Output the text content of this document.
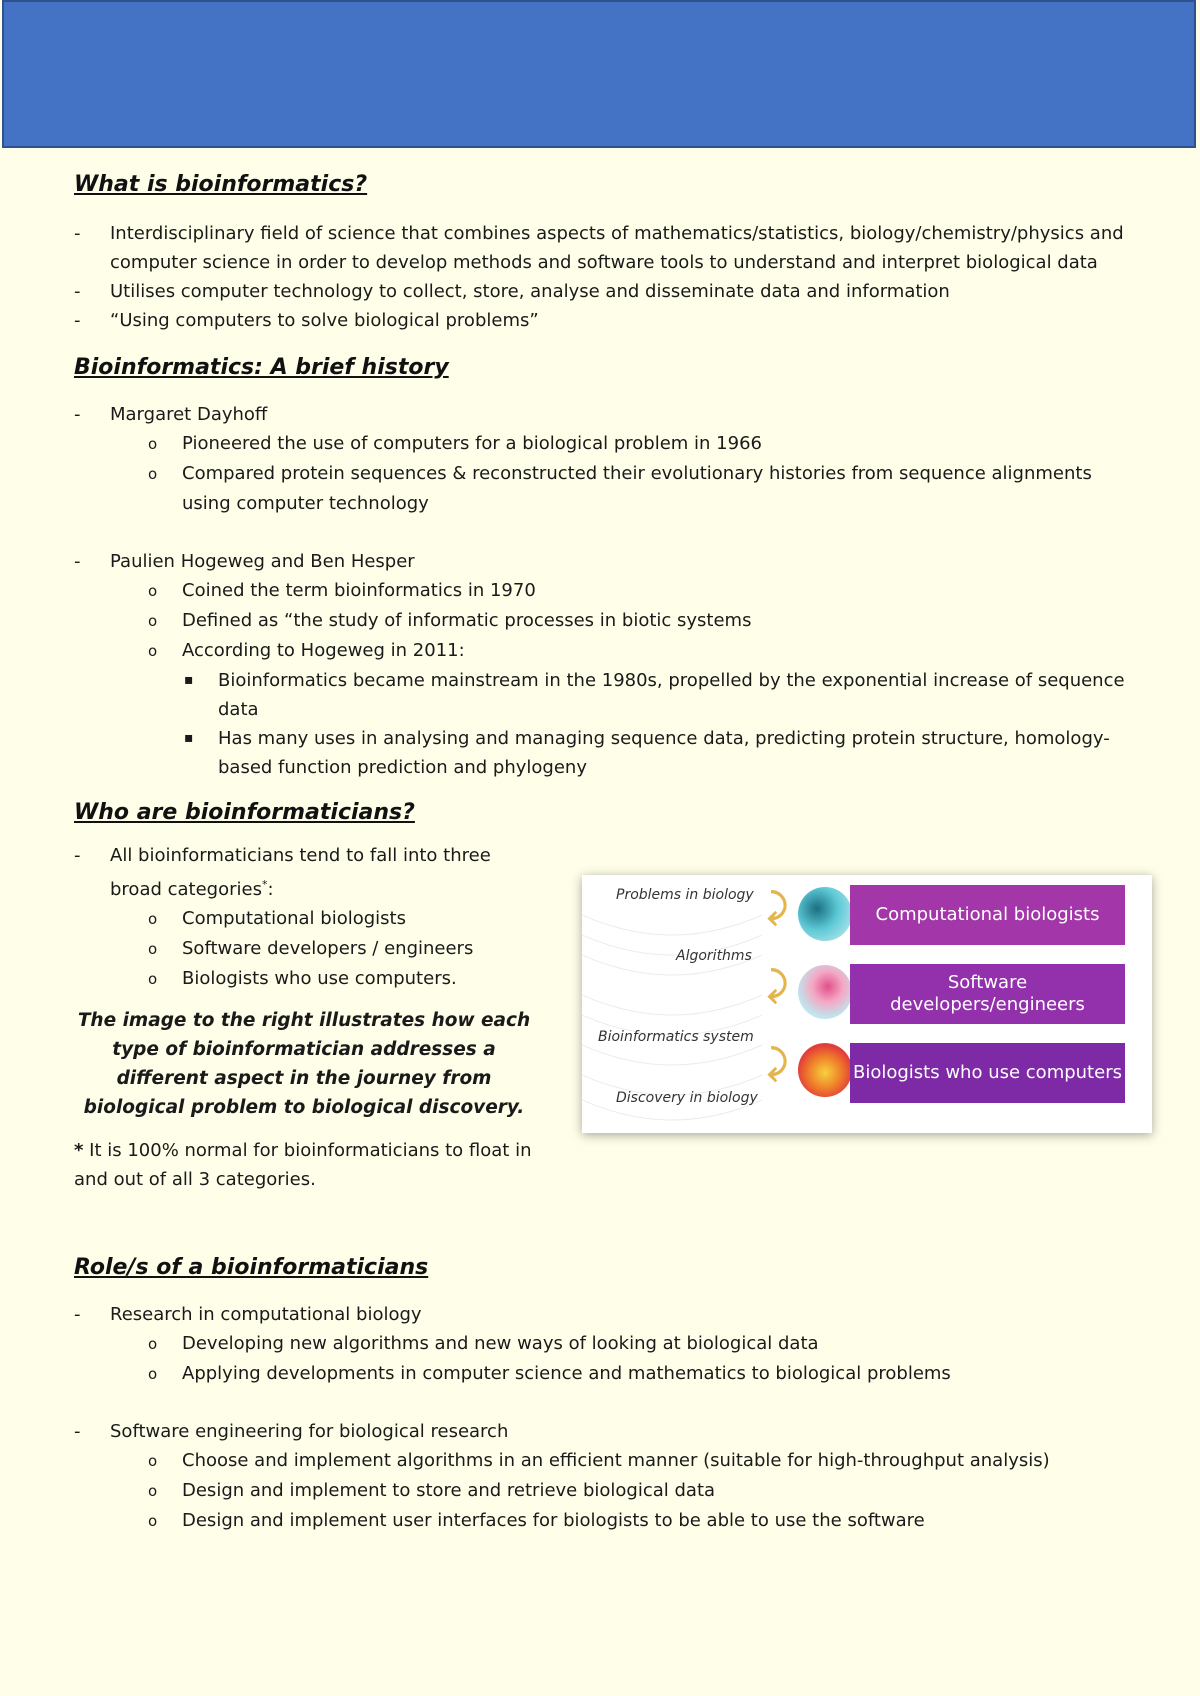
What is bioinformatics?
- Interdisciplinary field of science that combines aspects of mathematics/statistics, biology/chemistry/physics and computer science in order to develop methods and software tools to understand and interpret biological data
- Utilises computer technology to collect, store, analyse and disseminate data and information
- “Using computers to solve biological problems”
Bioinformatics: A brief history
- Margaret Dayhoff
o Pioneered the use of computers for a biological problem in 1966
o Compared protein sequences & reconstructed their evolutionary histories from sequence alignments using computer technology
- Paulien Hogeweg and Ben Hesper
o Coined the term bioinformatics in 1970
o Defined as “the study of informatic processes in biotic systems
o According to Hogeweg in 2011:
▪ Bioinformatics became mainstream in the 1980s, propelled by the exponential increase of sequence data
▪ Has many uses in analysing and managing sequence data, predicting protein structure, homology-based function prediction and phylogeny
Who are bioinformaticians?
- All bioinformaticians tend to fall into three broad categories*:
o Computational biologists
o Software developers / engineers
o Biologists who use computers.
The image to the right illustrates how each type of bioinformatician addresses a different aspect in the journey from biological problem to biological discovery.
* It is 100% normal for bioinformaticians to float in and out of all 3 categories.
Problems in biology
Algorithms
Bioinformatics system
Discovery in biology
⤸
⤸
⤸
Computational biologists
Software developers/engineers
Biologists who use computers
Role/s of a bioinformaticians
- Research in computational biology
o Developing new algorithms and new ways of looking at biological data
o Applying developments in computer science and mathematics to biological problems
- Software engineering for biological research
o Choose and implement algorithms in an efficient manner (suitable for high-throughput analysis)
o Design and implement to store and retrieve biological data
o Design and implement user interfaces for biologists to be able to use the software
